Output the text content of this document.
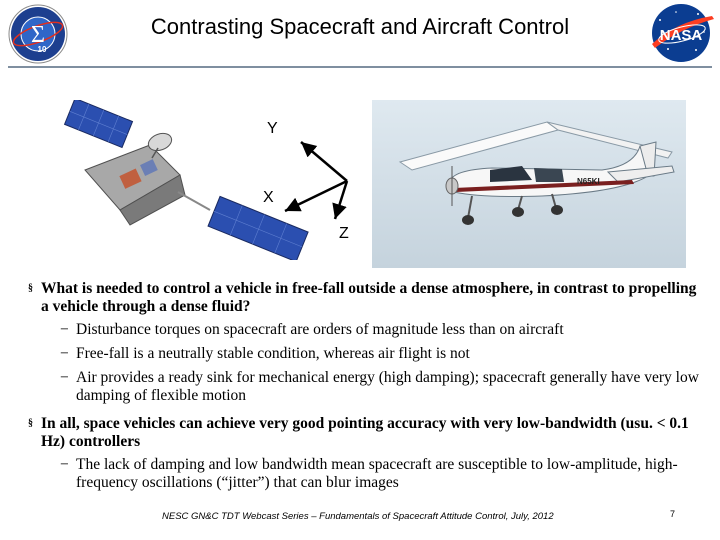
Σ
10
Contrasting Spacecraft and Aircraft Control	NASA
Y
X
Z
N65KI
§ What is needed to control a vehicle in free-fall outside a dense atmosphere, in contrast to propelling a vehicle through a dense fluid?
− Disturbance torques on spacecraft are orders of magnitude less than on aircraft
− Free-fall is a neutrally stable condition, whereas air flight is not
− Air provides a ready sink for mechanical energy (high damping); spacecraft generally have very low damping of flexible motion
§ In all, space vehicles can achieve very good pointing accuracy with very low-bandwidth (usu. < 0.1 Hz) controllers
− The lack of damping and low bandwidth mean spacecraft are susceptible to low-amplitude, high-frequency oscillations (“jitter”) that can blur images
NESC GN&C TDT Webcast Series – Fundamentals of Spacecraft Attitude Control, July, 2012	7
